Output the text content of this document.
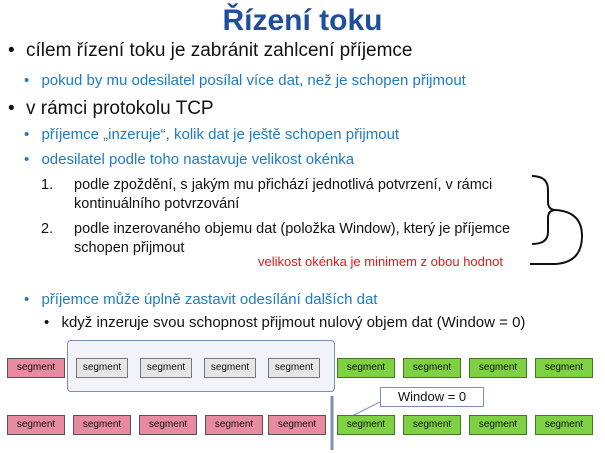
Řízení toku
• cílem řízení toku je zabránit zahlcení příjemce
• pokud by mu odesilatel posílal více dat, než je schopen přijmout
• v rámci protokolu TCP
• příjemce „inzeruje“, kolik dat je ještě schopen přijmout
• odesilatel podle toho nastavuje velikost okénka
1. podle zpoždění, s jakým mu přichází jednotlivá potvrzení, v rámci
kontinuálního potvrzování
2. podle inzerovaného objemu dat (položka Window), který je příjemce
schopen přijmout
velikost okénka je minimem z obou hodnot
• příjemce může úplně zastavit odesílání dalších dat
• když inzeruje svou schopnost přijmout nulový objem dat (Window = 0)
segment	segment	segment	segment	segment	segment	segment	segment	segment
Window = 0
segment	segment	segment	segment	segment	segment	segment	segment	segment
